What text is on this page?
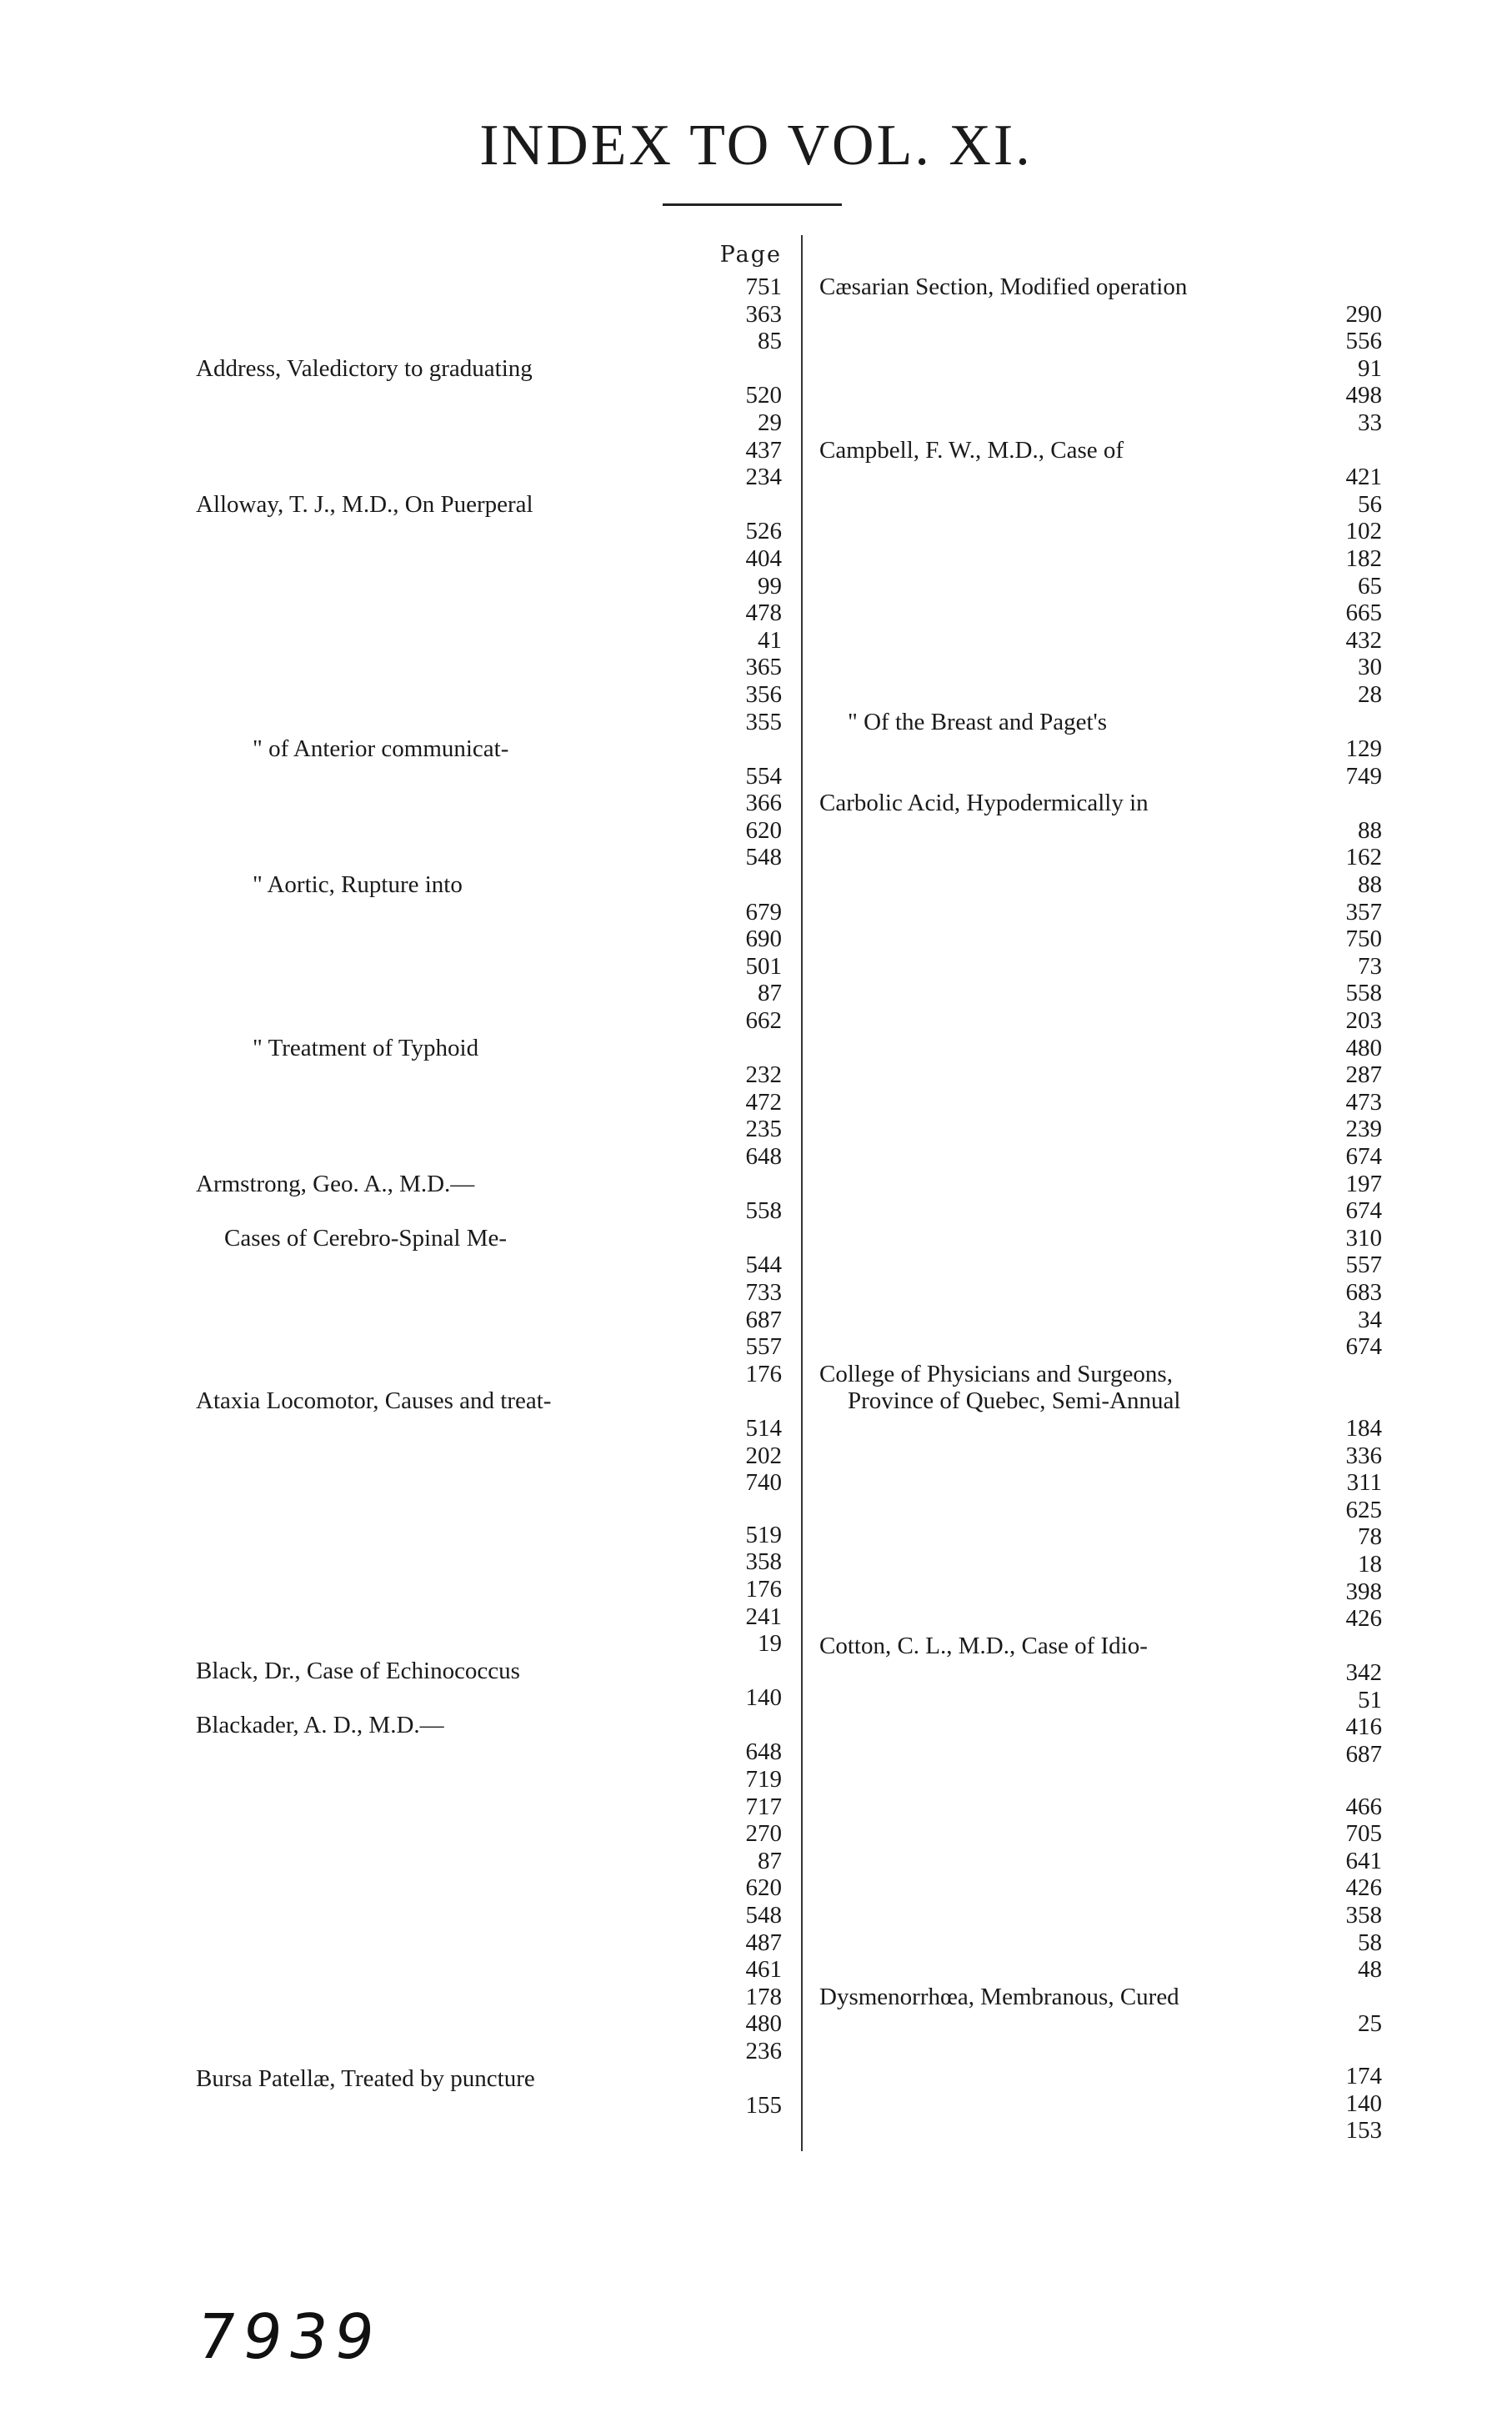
INDEX TO VOL. XI.
Page
751
363
85
Address, Valedictory to graduating
520
29
437
234
Alloway, T. J., M.D., On Puerperal
526
404
99
478
41
365
356
355
" of Anterior communicat-
554
366
620
548
" Aortic, Rupture into
679
690
501
87
662
" Treatment of Typhoid
232
472
235
648
Armstrong, Geo. A., M.D.—
558
Cases of Cerebro-Spinal Me-
544
733
687
557
176
Ataxia Locomotor, Causes and treat-
514
202
740
519
358
176
241
19
Black, Dr., Case of Echinococcus
140
Blackader, A. D., M.D.—
648
719
717
270
87
620
548
487
461
178
480
236
Bursa Patellæ, Treated by puncture
155
Cæsarian Section, Modified operation
290
556
91
498
33
Campbell, F. W., M.D., Case of
421
56
102
182
65
665
432
30
28
" Of the Breast and Paget's
129
749
Carbolic Acid, Hypodermically in
88
162
88
357
750
73
558
203
480
287
473
239
674
197
674
310
557
683
34
674
College of Physicians and Surgeons,
Province of Quebec, Semi-Annual
184
336
311
625
78
18
398
426
Cotton, C. L., M.D., Case of Idio-
342
51
416
687
466
705
641
426
358
58
48
Dysmenorrhœa, Membranous, Cured
25
174
140
153
7939
